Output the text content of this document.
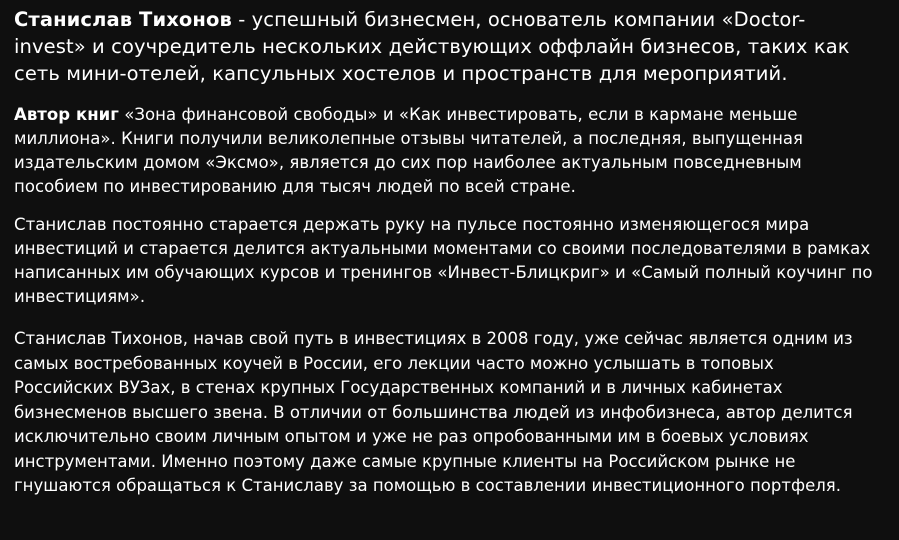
Станислав Тихонов - успешный бизнесмен, основатель компании «Doctor-invest» и соучредитель нескольких действующих оффлайн бизнесов, таких как сеть мини-отелей, капсульных хостелов и пространств для мероприятий.

Автор книг «Зона финансовой свободы» и «Как инвестировать, если в кармане меньше миллиона». Книги получили великолепные отзывы читателей, а последняя, выпущенная издательским домом «Эксмо», является до сих пор наиболее актуальным повседневным пособием по инвестированию для тысяч людей по всей стране.

Станислав постоянно старается держать руку на пульсе постоянно изменяющегося мира инвестиций и старается делится актуальными моментами со своими последователями в рамках написанных им обучающих курсов и тренингов «Инвест-Блицкриг» и «Самый полный коучинг по инвестициям».

Станислав Тихонов, начав свой путь в инвестициях в 2008 году, уже сейчас является одним из самых востребованных коучей в России, его лекции часто можно услышать в топовых Российских ВУЗах, в стенах крупных Государственных компаний и в личных кабинетах бизнесменов высшего звена. В отличии от большинства людей из инфобизнеса, автор делится исключительно своим личным опытом и уже не раз опробованными им в боевых условиях инструментами. Именно поэтому даже самые крупные клиенты на Российском рынке не гнушаются обращаться к Станиславу за помощью в составлении инвестиционного портфеля.
